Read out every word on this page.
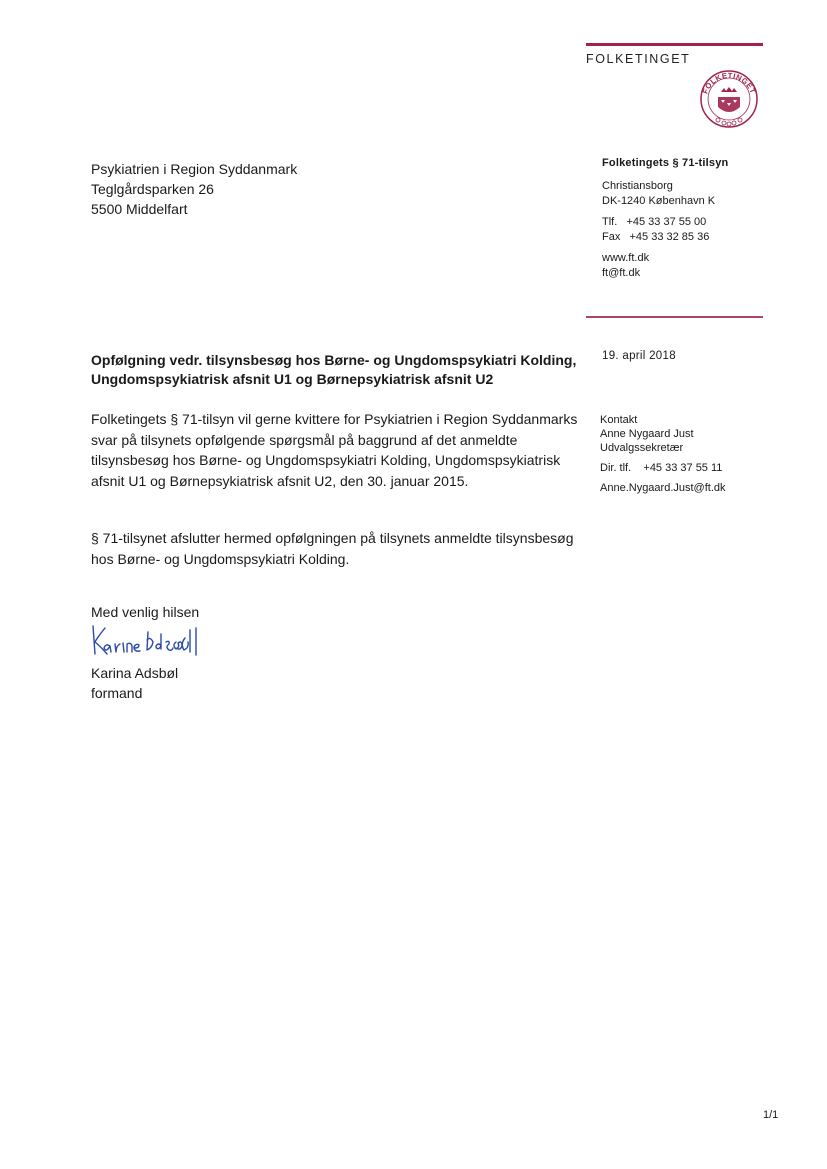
FOLKETINGET
FOLKETINGET
Psykiatrien i Region Syddanmark
Teglgårdsparken 26
5500 Middelfart
Folketingets § 71-tilsyn
Christiansborg
DK-1240 København K
Tlf.   +45 33 37 55 00
Fax   +45 33 32 85 36
www.ft.dk
ft@ft.dk
19. april 2018
Opfølgning vedr. tilsynsbesøg hos Børne- og Ungdomspsykiatri Kolding,
Ungdomspsykiatrisk afsnit U1 og Børnepsykiatrisk afsnit U2
Folketingets § 71-tilsyn vil gerne kvittere for Psykiatrien i Region Syddanmarks svar på tilsynets opfølgende spørgsmål på baggrund af det anmeldte tilsynsbesøg hos Børne- og Ungdomspsykiatri Kolding, Ungdomspsykiatrisk afsnit U1 og Børnepsykiatrisk afsnit U2, den 30. januar 2015.
§ 71-tilsynet afslutter hermed opfølgningen på tilsynets anmeldte tilsynsbesøg hos Børne- og Ungdomspsykiatri Kolding.
Kontakt
Anne Nygaard Just
Udvalgssekretær
Dir. tlf.    +45 33 37 55 11
Anne.Nygaard.Just@ft.dk
Med venlig hilsen
Karina Adsbøl
formand
1/1
